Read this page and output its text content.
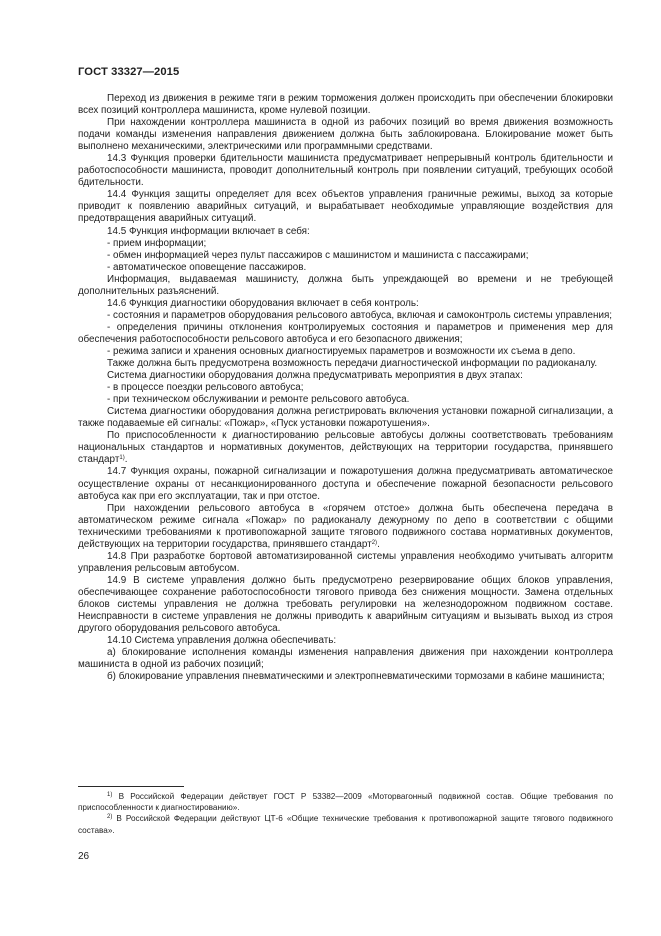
ГОСТ 33327—2015

Переход из движения в режиме тяги в режим торможения должен происходить при обеспечении блокировки всех позиций контроллера машиниста, кроме нулевой позиции.

При нахождении контроллера машиниста в одной из рабочих позиций во время движения возможность подачи команды изменения направления движением должна быть заблокирована. Блокирование может быть выполнено механическими, электрическими или программными средствами.

14.3 Функция проверки бдительности машиниста предусматривает непрерывный контроль бдительности и работоспособности машиниста, проводит дополнительный контроль при появлении ситуаций, требующих особой бдительности.

14.4 Функция защиты определяет для всех объектов управления граничные режимы, выход за которые приводит к появлению аварийных ситуаций, и вырабатывает необходимые управляющие воздействия для предотвращения аварийных ситуаций.

14.5 Функция информации включает в себя:

- прием информации;

- обмен информацией через пульт пассажиров с машинистом и машиниста с пассажирами;

- автоматическое оповещение пассажиров.

Информация, выдаваемая машинисту, должна быть упреждающей во времени и не требующей дополнительных разъяснений.

14.6 Функция диагностики оборудования включает в себя контроль:

- состояния и параметров оборудования рельсового автобуса, включая и самоконтроль системы управления;

- определения причины отклонения контролируемых состояния и параметров и применения мер для обеспечения работоспособности рельсового автобуса и его безопасного движения;

- режима записи и хранения основных диагностируемых параметров и возможности их съема в депо.

Также должна быть предусмотрена возможность передачи диагностической информации по радиоканалу.

Система диагностики оборудования должна предусматривать мероприятия в двух этапах:

- в процессе поездки рельсового автобуса;

- при техническом обслуживании и ремонте рельсового автобуса.

Система диагностики оборудования должна регистрировать включения установки пожарной сигнализации, а также подаваемые ей сигналы: «Пожар», «Пуск установки пожаротушения».

По приспособленности к диагностированию рельсовые автобусы должны соответствовать требованиям национальных стандартов и нормативных документов, действующих на территории государства, принявшего стандарт$^{1)}$.

14.7 Функция охраны, пожарной сигнализации и пожаротушения должна предусматривать автоматическое осуществление охраны от несанкционированного доступа и обеспечение пожарной безопасности рельсового автобуса как при его эксплуатации, так и при отстое.

При нахождении рельсового автобуса в «горячем отстое» должна быть обеспечена передача в автоматическом режиме сигнала «Пожар» по радиоканалу дежурному по депо в соответствии с общими техническими требованиями к противопожарной защите тягового подвижного состава нормативных документов, действующих на территории государства, принявшего стандарт$^{2)}$.

14.8 При разработке бортовой автоматизированной системы управления необходимо учитывать алгоритм управления рельсовым автобусом.

14.9 В системе управления должно быть предусмотрено резервирование общих блоков управления, обеспечивающее сохранение работоспособности тягового привода без снижения мощности. Замена отдельных блоков системы управления не должна требовать регулировки на железнодорожном подвижном составе. Неисправности в системе управления не должны приводить к аварийным ситуациям и вызывать выход из строя другого оборудования рельсового автобуса.

14.10 Система управления должна обеспечивать:

а) блокирование исполнения команды изменения направления движения при нахождении контроллера машиниста в одной из рабочих позиций;

б) блокирование управления пневматическими и электропневматическими тормозами в кабине машиниста;

$^{1)}$ В Российской Федерации действует ГОСТ Р 53382—2009 «Моторвагонный подвижной состав. Общие требования по приспособленности к диагностированию».

$^{2)}$ В Российской Федерации действуют ЦТ-6 «Общие технические требования к противопожарной защите тягового подвижного состава».

26
